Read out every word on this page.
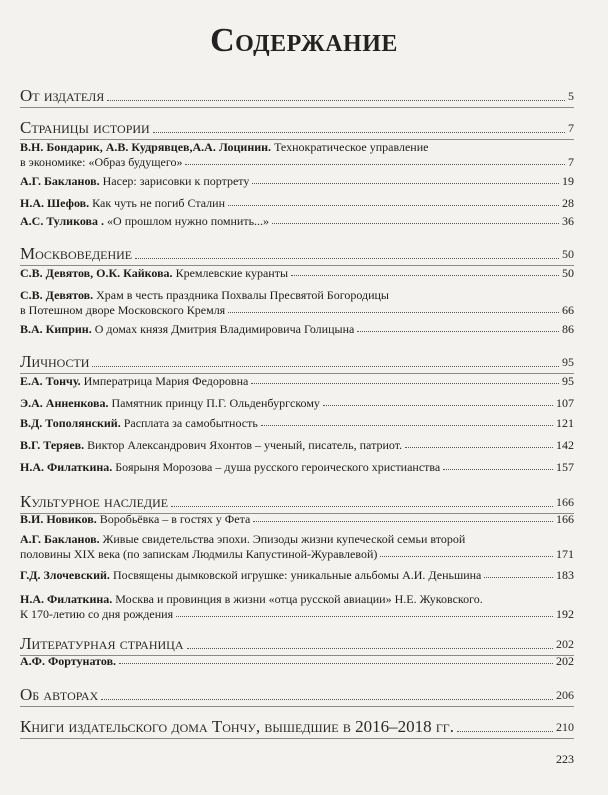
Содержание
От издателя	5
Страницы истории	7
В.Н. Бондарик, А.В. Кудрявцев,А.А. Лоцинин. Технократическое управление
в экономике: «Образ будущего»	7
А.Г. Бакланов. Насер: зарисовки к портрету	19
Н.А. Шефов. Как чуть не погиб Сталин	28
А.С. Туликова . «О прошлом нужно помнить...»	36
Москвоведение	50
С.В. Девятов, О.К. Кайкова. Кремлевские куранты	50
С.В. Девятов. Храм в честь праздника Похвалы Пресвятой Богородицы
в Потешном дворе Московского Кремля	66
В.А. Киприн. О домах князя Дмитрия Владимировича Голицына	86
Личности	95
Е.А. Тончу. Императрица Мария Федоровна	95
Э.А. Анненкова. Памятник принцу П.Г. Ольденбургскому	107
В.Д. Тополянский. Расплата за самобытность	121
В.Г. Теряев. Виктор Александрович Яхонтов – ученый, писатель, патриот.	142
Н.А. Филаткина. Боярыня Морозова – душа русского героического христианства	157
Культурное наследие	166
В.И. Новиков. Воробьёвка – в гостях у Фета	166
А.Г. Бакланов. Живые свидетельства эпохи. Эпизоды жизни купеческой семьи второй
половины XIX века (по запискам Людмилы Капустиной-Журавлевой)	171
Г.Д. Злочевский. Посвящены дымковской игрушке: уникальные альбомы А.И. Деньшина	183
Н.А. Филаткина. Москва и провинция в жизни «отца русской авиации» Н.Е. Жуковского.
К 170-летию со дня рождения	192
Литературная страница	202
А.Ф. Фортунатов.	202
Об авторах	206
Книги издательского дома Тончу, вышедшие в 2016–2018 гг.	210
223
